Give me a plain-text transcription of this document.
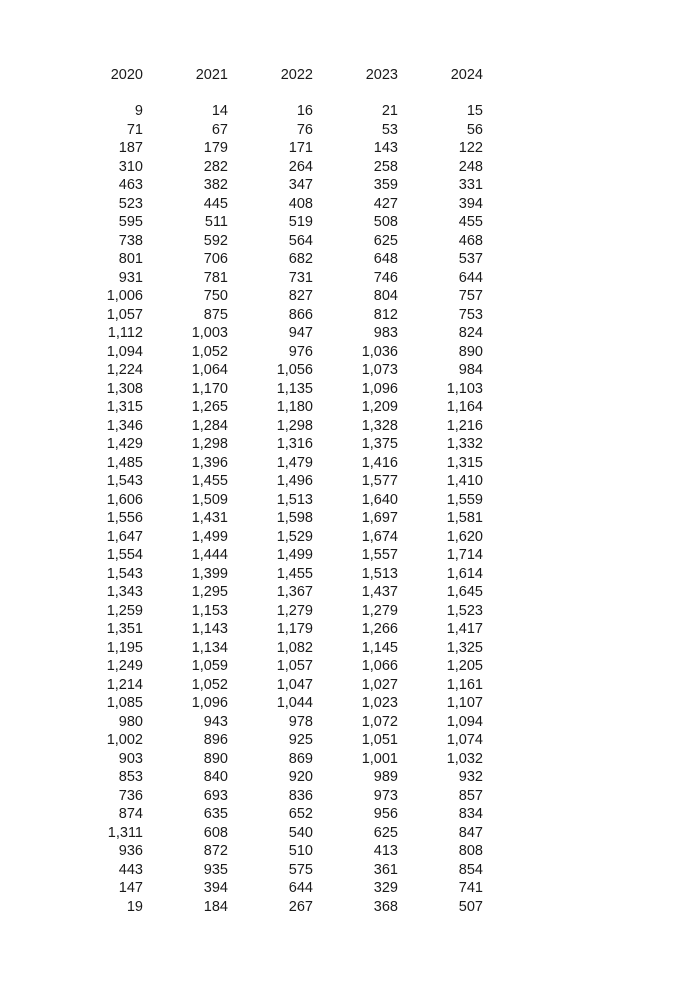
2020	2021	2022	2023	2024
9	14	16	21	15
71	67	76	53	56
187	179	171	143	122
310	282	264	258	248
463	382	347	359	331
523	445	408	427	394
595	511	519	508	455
738	592	564	625	468
801	706	682	648	537
931	781	731	746	644
1,006	750	827	804	757
1,057	875	866	812	753
1,112	1,003	947	983	824
1,094	1,052	976	1,036	890
1,224	1,064	1,056	1,073	984
1,308	1,170	1,135	1,096	1,103
1,315	1,265	1,180	1,209	1,164
1,346	1,284	1,298	1,328	1,216
1,429	1,298	1,316	1,375	1,332
1,485	1,396	1,479	1,416	1,315
1,543	1,455	1,496	1,577	1,410
1,606	1,509	1,513	1,640	1,559
1,556	1,431	1,598	1,697	1,581
1,647	1,499	1,529	1,674	1,620
1,554	1,444	1,499	1,557	1,714
1,543	1,399	1,455	1,513	1,614
1,343	1,295	1,367	1,437	1,645
1,259	1,153	1,279	1,279	1,523
1,351	1,143	1,179	1,266	1,417
1,195	1,134	1,082	1,145	1,325
1,249	1,059	1,057	1,066	1,205
1,214	1,052	1,047	1,027	1,161
1,085	1,096	1,044	1,023	1,107
980	943	978	1,072	1,094
1,002	896	925	1,051	1,074
903	890	869	1,001	1,032
853	840	920	989	932
736	693	836	973	857
874	635	652	956	834
1,311	608	540	625	847
936	872	510	413	808
443	935	575	361	854
147	394	644	329	741
19	184	267	368	507
